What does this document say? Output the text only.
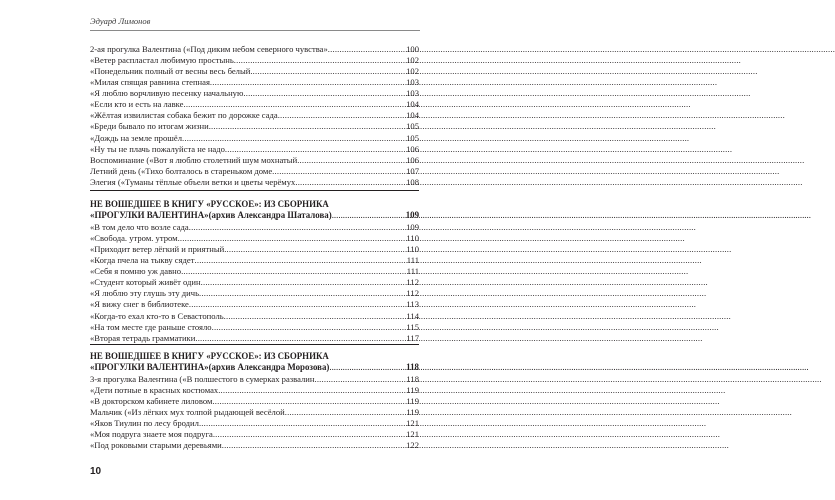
Эдуард Лимонов
2-ая прогулка Валентина («Под диким небом северного чувства» .....	100
«Ветер распластал любимую простынь .....	102
«Понедельник полный от весны весь белый .....	102
«Милая спящая равнина степная .....	103
«Я люблю ворчливую песенку начальную .....	103
«Если кто и есть на лавке .....	104
«Жёлтая извилистая собака бежит по дорожке сада .....	104
«Бреди бывало по итогам жизни .....	105
«Дождь на земле прошёл .....	105
«Ну ты не плачь пожалуйста не надо .....	106
Воспоминание («Вот я люблю столетний шум мохнатый .....	106
Летний день («Тихо болталось в стареньком доме .....	107
Элегия («Туманы тёплые объели ветки и цветы черёмух .....	108
НЕ ВОШЕДШЕЕ В КНИГУ «РУССКОЕ»: ИЗ СБОРНИКА
«ПРОГУЛКИ ВАЛЕНТИНА» (архив Александра Шаталова) .....	109
«В том дело что возле сада .....	109
«Свобода. утром. утром .....	110
«Приходит ветер лёгкий и приятный .....	110
«Когда пчела на тыкву сядет .....	111
«Себя я помню уж давно .....	111
«Студент который живёт один .....	112
«Я люблю эту глушь эту дичь .....	112
«Я вижу снег в библиотеке .....	113
«Когда-то ехал кто-то в Севастополь .....	114
«На том месте где раньше стояло .....	115
«Вторая тетрадь грамматики .....	117
НЕ ВОШЕДШЕЕ В КНИГУ «РУССКОЕ»: ИЗ СБОРНИКА
«ПРОГУЛКИ ВАЛЕНТИНА» (архив Александра Морозова) .....	118
3-я прогулка Валентина («В полшестого в сумерках развалин .....	118
«Дети потные в красных костюмах .....	119
«В докторском кабинете лиловом .....	119
Мальчик («Из лёгких мух толпой рыдающей весёлой .....	119
«Яков Тиулин по лесу бродил .....	121
«Моя подруга знаете моя подруга .....	121
«Под роковыми старыми деревьями .....	122
10
